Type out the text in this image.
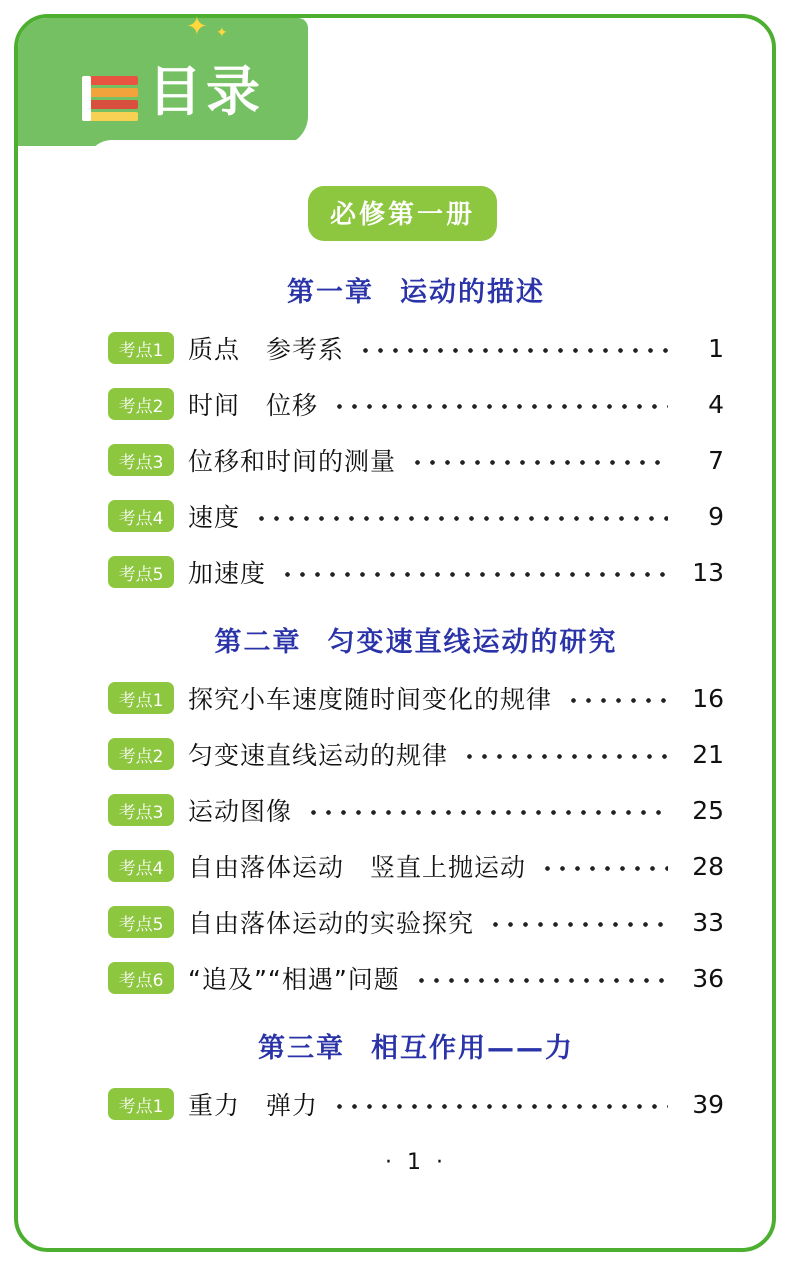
✦ ✦
目录
必修第一册
第一章 运动的描述
考点1 质点　参考系	1
考点2 时间　位移	4
考点3 位移和时间的测量	7
考点4 速度	9
考点5 加速度	13
第二章 匀变速直线运动的研究
考点1 探究小车速度随时间变化的规律	16
考点2 匀变速直线运动的规律	21
考点3 运动图像	25
考点4 自由落体运动　竖直上抛运动	28
考点5 自由落体运动的实验探究	33
考点6 “追及”“相遇”问题	36
第三章 相互作用——力
考点1 重力　弹力	39
· 1 ·
